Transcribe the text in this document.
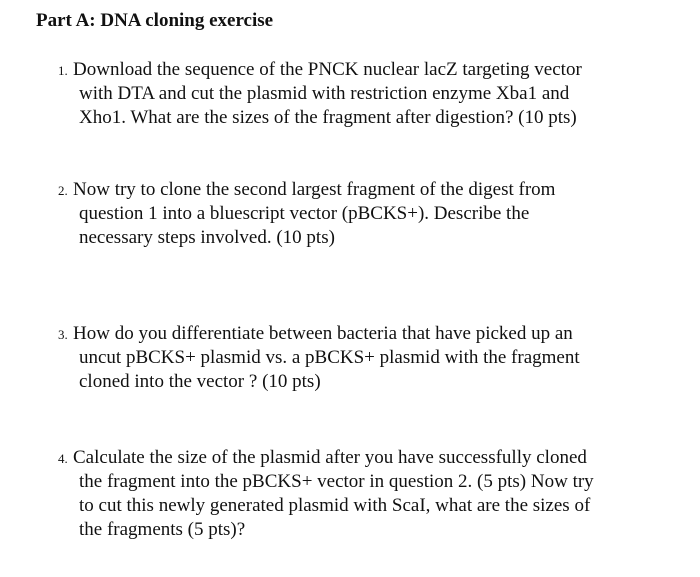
Part A: DNA cloning exercise
1. Download the sequence of the PNCK nuclear lacZ targeting vector
with DTA and cut the plasmid with restriction enzyme Xba1 and
Xho1. What are the sizes of the fragment after digestion? (10 pts)
2. Now try to clone the second largest fragment of the digest from
question 1 into a bluescript vector (pBCKS+). Describe the
necessary steps involved. (10 pts)
3. How do you differentiate between bacteria that have picked up an
uncut pBCKS+ plasmid vs. a pBCKS+ plasmid with the fragment
cloned into the vector ? (10 pts)
4. Calculate the size of the plasmid after you have successfully cloned
the fragment into the pBCKS+ vector in question 2. (5 pts) Now try
to cut this newly generated plasmid with ScaI, what are the sizes of
the fragments (5 pts)?
